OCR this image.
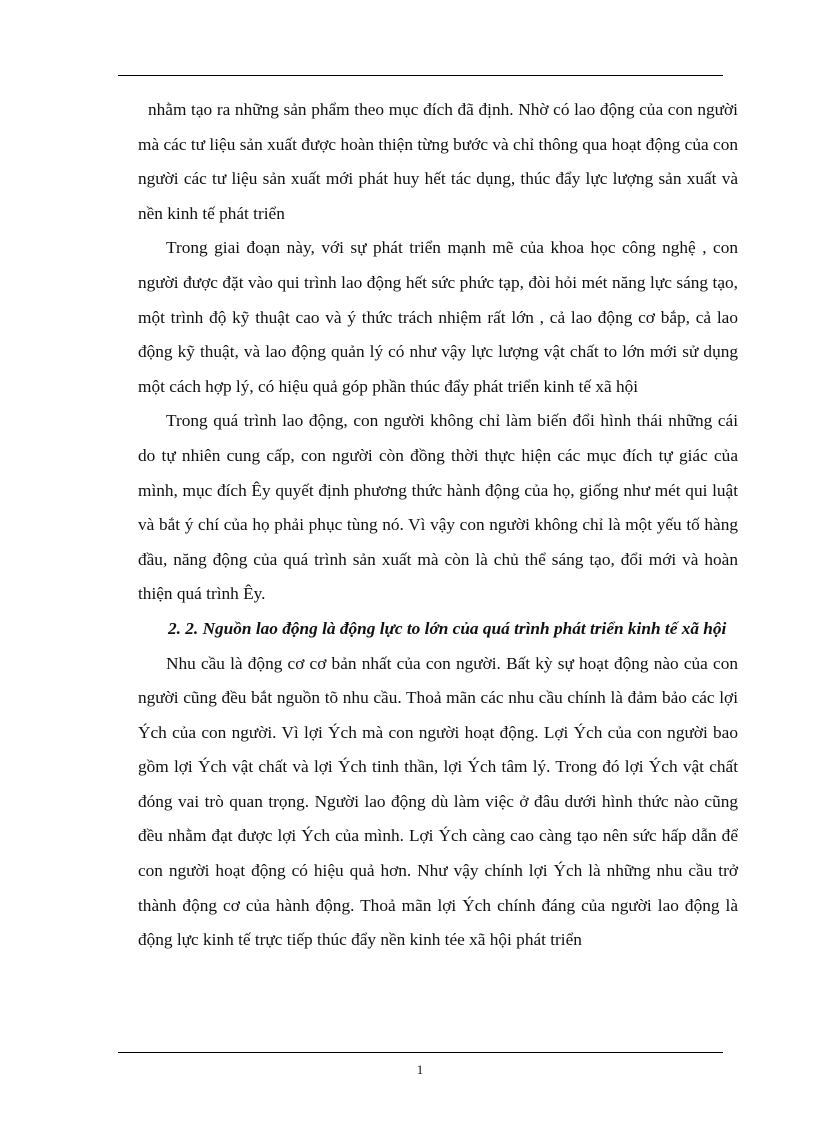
nhằm tạo ra những sản phẩm theo mục đích đã định. Nhờ có lao động của con người mà các tư liệu sản xuất được hoàn thiện từng bước và chỉ thông qua hoạt động của con người các tư liệu sản xuất mới phát huy hết tác dụng, thúc đẩy lực lượng sản xuất và nền kinh tế phát triển

Trong giai đoạn này, với sự phát triển mạnh mẽ của khoa học công nghệ , con người được đặt vào qui trình lao động hết sức phức tạp, đòi hỏi mét năng lực sáng tạo, một trình độ kỹ thuật cao và ý thức trách nhiệm rất lớn , cả lao động cơ bắp, cả lao động kỹ thuật, và lao động quản lý có như vậy lực lượng vật chất to lớn mới sử dụng một cách hợp lý, có hiệu quả góp phần thúc đẩy phát triển kinh tế xã hội

Trong quá trình lao động, con người không chỉ làm biến đổi hình thái những cái do tự nhiên cung cấp, con người còn đồng thời thực hiện các mục đích tự giác của mình, mục đích Êy quyết định phương thức hành động của họ, giống như mét qui luật và bắt ý chí của họ phải phục tùng nó. Vì vậy con người không chỉ là một yếu tố hàng đầu, năng động của quá trình sản xuất mà còn là chủ thể sáng tạo, đổi mới và hoàn thiện quá trình Êy.

2. 2. Nguồn lao động là động lực to lớn của quá trình phát triển kinh tế xã hội

Nhu cầu là động cơ cơ bản nhất của con người. Bất kỳ sự hoạt động nào của con người cũng đều bắt nguồn tõ nhu cầu. Thoả mãn các nhu cầu chính là đảm bảo các lợi Ých của con người. Vì lợi Ých mà con người hoạt động. Lợi Ých của con người bao gồm lợi Ých vật chất và lợi Ých tinh thần, lợi Ých tâm lý. Trong đó lợi Ých vật chất đóng vai trò quan trọng. Người lao động dù làm việc ở đâu dưới hình thức nào cũng đều nhằm đạt được lợi Ých của mình. Lợi Ých càng cao càng tạo nên sức hấp dẫn để con người hoạt động có hiệu quả hơn. Như vậy chính lợi Ých là những nhu cầu trở thành động cơ của hành động. Thoả mãn lợi Ých chính đáng của người lao động là động lực kinh tế trực tiếp thúc đẩy nền kinh tée xã hội phát triển

1
